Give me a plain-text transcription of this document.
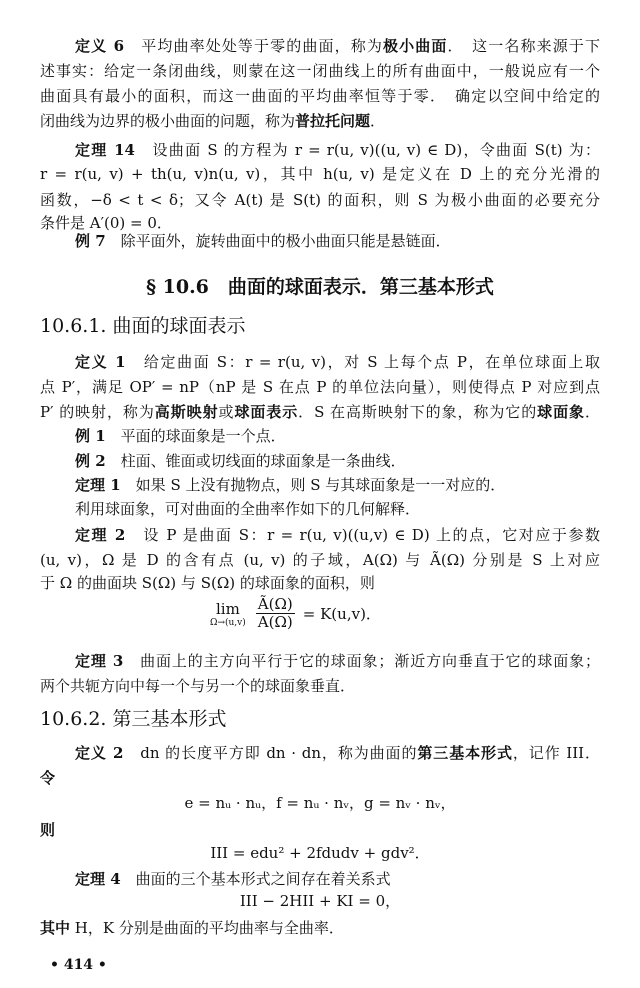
定义 6　平均曲率处处等于零的曲面，称为极小曲面．　这一名称来源于下
述事实：给定一条闭曲线，则蒙在这一闭曲线上的所有曲面中，一般说应有一个
曲面具有最小的面积，而这一曲面的平均曲率恒等于零．　确定以空间中给定的
闭曲线为边界的极小曲面的问题，称为普拉托问题．
定理 14　设曲面 S 的方程为 r = r(u, v)((u, v) ∈ D)，令曲面 S(t) 为：
r = r(u, v) + th(u, v)n(u, v)，其中 h(u, v) 是定义在 D 上的充分光滑的
函数，−δ < t < δ；又令 A(t) 是 S(t) 的面积，则 S 为极小曲面的必要充分
条件是 A′(0) = 0．
例 7　除平面外，旋转曲面中的极小曲面只能是悬链面．
§ 10.6　曲面的球面表示．第三基本形式
10.6.1. 曲面的球面表示
定义 1　给定曲面 S：r = r(u, v)，对 S 上每个点 P，在单位球面上取
点 P′，满足 OP′ = nP（nP 是 S 在点 P 的单位法向量），则使得点 P 对应到点
P′ 的映射，称为高斯映射或球面表示．S 在高斯映射下的象，称为它的球面象．
例 1　平面的球面象是一个点．
例 2　柱面、锥面或切线面的球面象是一条曲线．
定理 1　如果 S 上没有抛物点，则 S 与其球面象是一一对应的．
利用球面象，可对曲面的全曲率作如下的几何解释．
定理 2　设 P 是曲面 S：r = r(u, v)((u,v) ∈ D) 上的点，它对应于参数
(u, v)，Ω 是 D 的含有点 (u, v) 的子域，A(Ω) 与 Ã(Ω) 分别是 S 上对应
于 Ω 的曲面块 S(Ω) 与 S(Ω) 的球面象的面积，则
定理 3　曲面上的主方向平行于它的球面象；渐近方向垂直于它的球面象；
两个共轭方向中每一个与另一个的球面象垂直．
10.6.2. 第三基本形式
定义 2　dn 的长度平方即 dn · dn，称为曲面的第三基本形式，记作 III．
令
e = nᵤ · nᵤ，f = nᵤ · nᵥ，g = nᵥ · nᵥ，
则
III = edu² + 2fdudv + gdv²．
定理 4　曲面的三个基本形式之间存在着关系式
III − 2HII + KI = 0，
其中 H，K 分别是曲面的平均曲率与全曲率．
lim
$\Omega\to(u,v) \frac{Ã(\Omega)}{A(\Omega)} = K(u,v)$．
• 414 •
